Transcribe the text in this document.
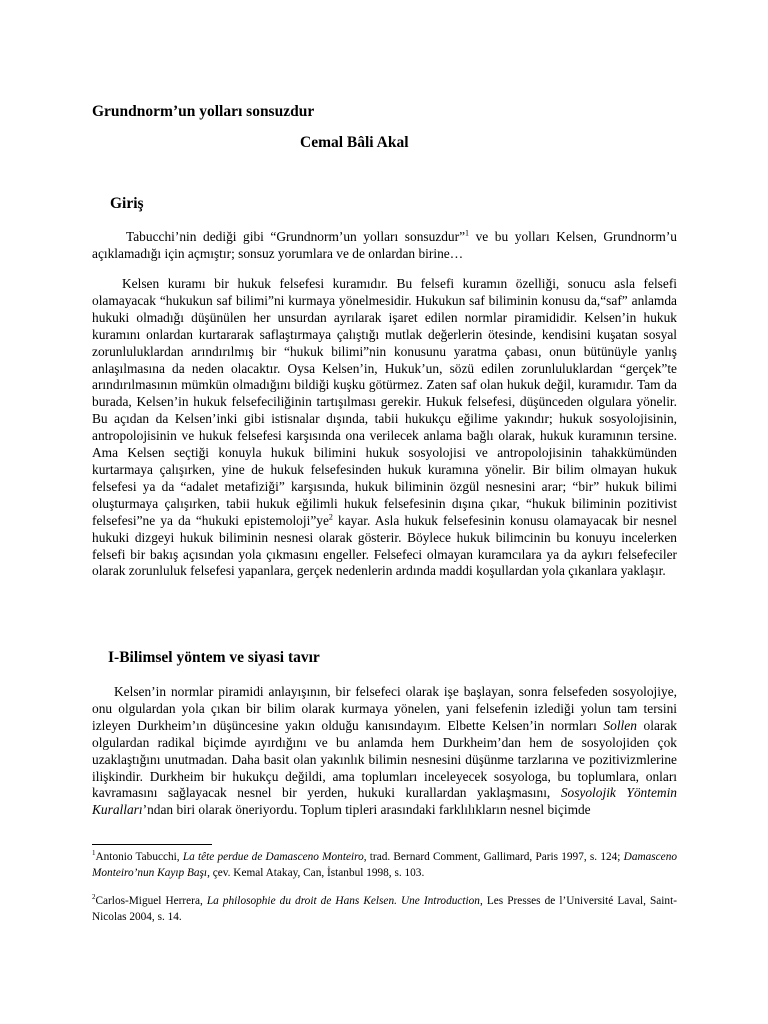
Grundnorm’un yolları sonsuzdur
Cemal Bâli Akal
Giriş

Tabucchi’nin dediği gibi “Grundnorm’un yolları sonsuzdur”$^1$ ve bu yolları Kelsen, Grundnorm’u açıklamadığı için açmıştır; sonsuz yorumlara ve de onlardan birine…

Kelsen kuramı bir hukuk felsefesi kuramıdır. Bu felsefi kuramın özelliği, sonucu asla felsefi olamayacak “hukukun saf bilimi”ni kurmaya yönelmesidir. Hukukun saf biliminin konusu da,“saf” anlamda hukuki olmadığı düşünülen her unsurdan ayrılarak işaret edilen normlar piramididir. Kelsen’in hukuk kuramını onlardan kurtararak saflaştırmaya çalıştığı mutlak değerlerin ötesinde, kendisini kuşatan sosyal zorunluluklardan arındırılmış bir “hukuk bilimi”nin konusunu yaratma çabası, onun bütünüyle yanlış anlaşılmasına da neden olacaktır. Oysa Kelsen’in, Hukuk’un, sözü edilen zorunluluklardan “gerçek”te arındırılmasının mümkün olmadığını bildiği kuşku götürmez. Zaten saf olan hukuk değil, kuramıdır. Tam da burada, Kelsen’in hukuk felsefeciliğinin tartışılması gerekir. Hukuk felsefesi, düşünceden olgulara yönelir. Bu açıdan da Kelsen’inki gibi istisnalar dışında, tabii hukukçu eğilime yakındır; hukuk sosyolojisinin, antropolojisinin ve hukuk felsefesi karşısında ona verilecek anlama bağlı olarak, hukuk kuramının tersine. Ama Kelsen seçtiği konuyla hukuk bilimini hukuk sosyolojisi ve antropolojisinin tahakkümünden kurtarmaya çalışırken, yine de hukuk felsefesinden hukuk kuramına yönelir. Bir bilim olmayan hukuk felsefesi ya da “adalet metafiziği” karşısında, hukuk biliminin özgül nesnesini arar; “bir” hukuk bilimi oluşturmaya çalışırken, tabii hukuk eğilimli hukuk felsefesinin dışına çıkar, “hukuk biliminin pozitivist felsefesi”ne ya da “hukuki $epistemoloji”ye^2$ kayar. Asla hukuk felsefesinin konusu olamayacak bir nesnel hukuki dizgeyi hukuk biliminin nesnesi olarak gösterir. Böylece hukuk bilimcinin bu konuyu incelerken felsefi bir bakış açısından yola çıkmasını engeller. Felsefeci olmayan kuramcılara ya da aykırı felsefeciler olarak zorunluluk felsefesi yapanlara, gerçek nedenlerin ardında maddi koşullardan yola çıkanlara yaklaşır.

I-Bilimsel yöntem ve siyasi tavır

Kelsen’in normlar piramidi anlayışının, bir felsefeci olarak işe başlayan, sonra felsefeden sosyolojiye, onu olgulardan yola çıkan bir bilim olarak kurmaya yönelen, yani felsefenin izlediği yolun tam tersini izleyen Durkheim’ın düşüncesine yakın olduğu kanısındayım. Elbette Kelsen’in normları Sollen olarak olgulardan radikal biçimde ayırdığını ve bu anlamda hem Durkheim’dan hem de sosyolojiden çok uzaklaştığını unutmadan. Daha basit olan yakınlık bilimin nesnesini düşünme tarzlarına ve pozitivizmlerine ilişkindir. Durkheim bir hukukçu değildi, ama toplumları inceleyecek sosyologa, bu toplumlara, onları kavramasını sağlayacak nesnel bir yerden, hukuki kurallardan yaklaşmasını, Sosyolojik Yöntemin Kuralları’ndan biri olarak öneriyordu. Toplum tipleri arasındaki farklılıkların nesnel biçimde

$^1$Antonio Tabucchi, La tête perdue de Damasceno Monteiro, trad. Bernard Comment, Gallimard, Paris 1997, s. 124; Damasceno Monteiro’nun Kayıp Başı, çev. Kemal Atakay, Can, İstanbul 1998, s. 103.
$^2$Carlos-Miguel Herrera, La philosophie du droit de Hans Kelsen. Une Introduction, Les Presses de l’Université Laval, Saint-Nicolas 2004, s. 14.
